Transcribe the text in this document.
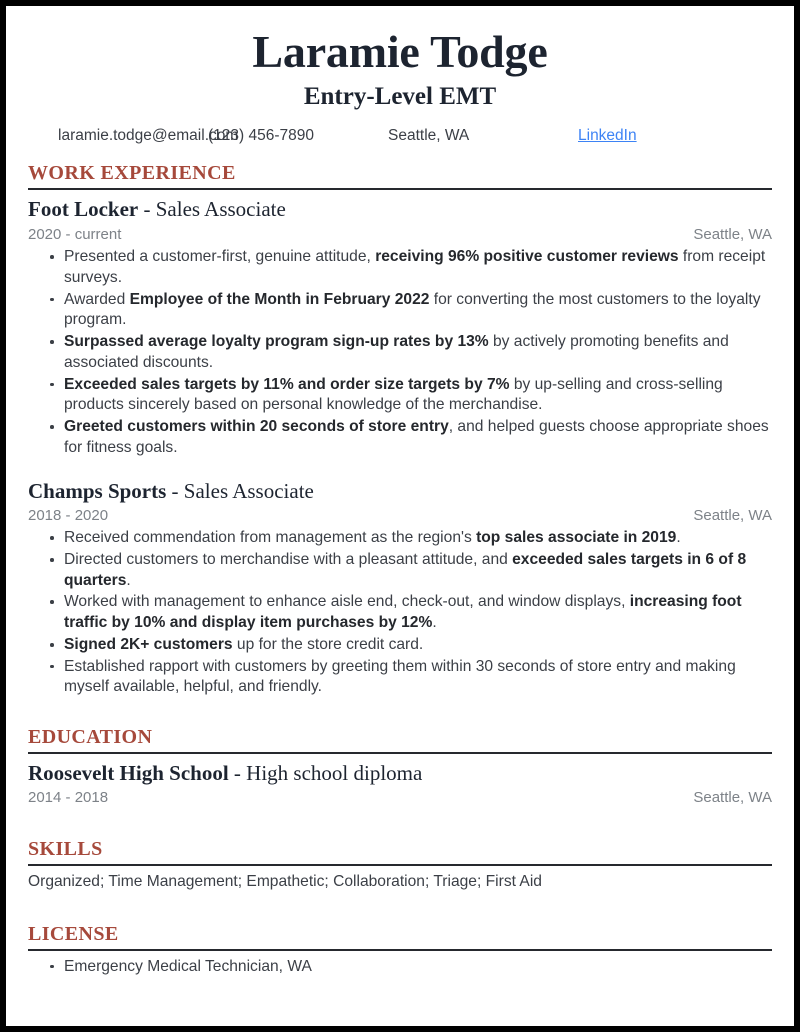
Laramie Todge
Entry-Level EMT
laramie.todge@email.com
(123) 456-7890	Seattle, WA	LinkedIn
WORK EXPERIENCE
Foot Locker - Sales Associate
2020 - current	Seattle, WA
Presented a customer-first, genuine attitude, receiving 96% positive customer reviews from receipt surveys.
Awarded Employee of the Month in February 2022 for converting the most customers to the loyalty program.
Surpassed average loyalty program sign-up rates by 13% by actively promoting benefits and associated discounts.
Exceeded sales targets by 11% and order size targets by 7% by up-selling and cross-selling products sincerely based on personal knowledge of the merchandise.
Greeted customers within 20 seconds of store entry, and helped guests choose appropriate shoes for fitness goals.
Champs Sports - Sales Associate
2018 - 2020	Seattle, WA
Received commendation from management as the region's top sales associate in 2019.
Directed customers to merchandise with a pleasant attitude, and exceeded sales targets in 6 of 8 quarters.
Worked with management to enhance aisle end, check-out, and window displays, increasing foot traffic by 10% and display item purchases by 12%.
Signed 2K+ customers up for the store credit card.
Established rapport with customers by greeting them within 30 seconds of store entry and making myself available, helpful, and friendly.
EDUCATION
Roosevelt High School - High school diploma
2014 - 2018	Seattle, WA
SKILLS
Organized; Time Management; Empathetic; Collaboration; Triage; First Aid
LICENSE
Emergency Medical Technician, WA
